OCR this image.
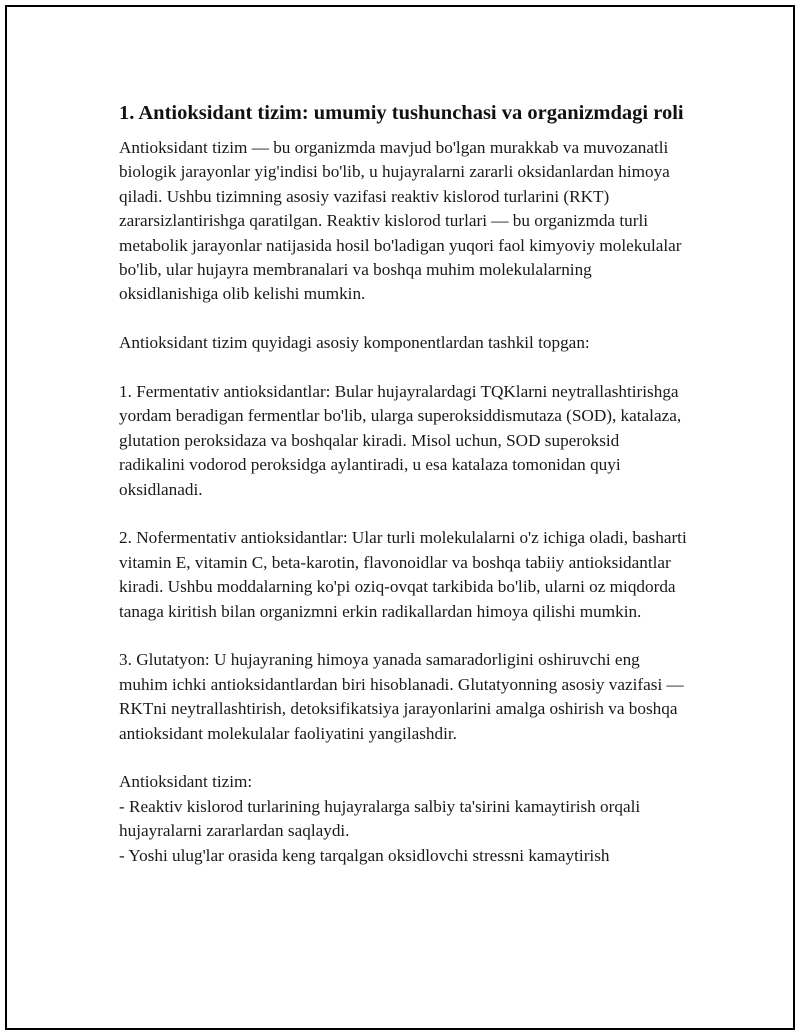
1. Antioksidant tizim: umumiy tushunchasi va organizmdagi roli

Antioksidant tizim — bu organizmda mavjud bo'lgan murakkab va muvozanatli biologik jarayonlar yig'indisi bo'lib, u hujayralarni zararli oksidanlardan himoya qiladi. Ushbu tizimning asosiy vazifasi reaktiv kislorod turlarini (RKT) zararsizlantirishga qaratilgan. Reaktiv kislorod turlari — bu organizmda turli metabolik jarayonlar natijasida hosil bo'ladigan yuqori faol kimyoviy molekulalar bo'lib, ular hujayra membranalari va boshqa muhim molekulalarning oksidlanishiga olib kelishi mumkin.

Antioksidant tizim quyidagi asosiy komponentlardan tashkil topgan:

1. Fermentativ antioksidantlar: Bular hujayralardagi TQKlarni neytrallashtirishga yordam beradigan fermentlar bo'lib, ularga superoksiddismutaza (SOD), katalaza, glutation peroksidaza va boshqalar kiradi. Misol uchun, SOD superoksid radikalini vodorod peroksidga aylantiradi, u esa katalaza tomonidan quyi oksidlanadi.

2. Nofermentativ antioksidantlar: Ular turli molekulalarni o'z ichiga oladi, basharti vitamin E, vitamin C, beta-karotin, flavonoidlar va boshqa tabiiy antioksidantlar kiradi. Ushbu moddalarning ko'pi oziq-ovqat tarkibida bo'lib, ularni oz miqdorda tanaga kiritish bilan organizmni erkin radikallardan himoya qilishi mumkin.

3. Glutatyon: U hujayraning himoya yanada samaradorligini oshiruvchi eng muhim ichki antioksidantlardan biri hisoblanadi. Glutatyonning asosiy vazifasi — RKTni neytrallashtirish, detoksifikatsiya jarayonlarini amalga oshirish va boshqa antioksidant molekulalar faoliyatini yangilashdir.

Antioksidant tizim:
- Reaktiv kislorod turlarining hujayralarga salbiy ta'sirini kamaytirish orqali hujayralarni zararlardan saqlaydi.
- Yoshi ulug'lar orasida keng tarqalgan oksidlovchi stressni kamaytirish
